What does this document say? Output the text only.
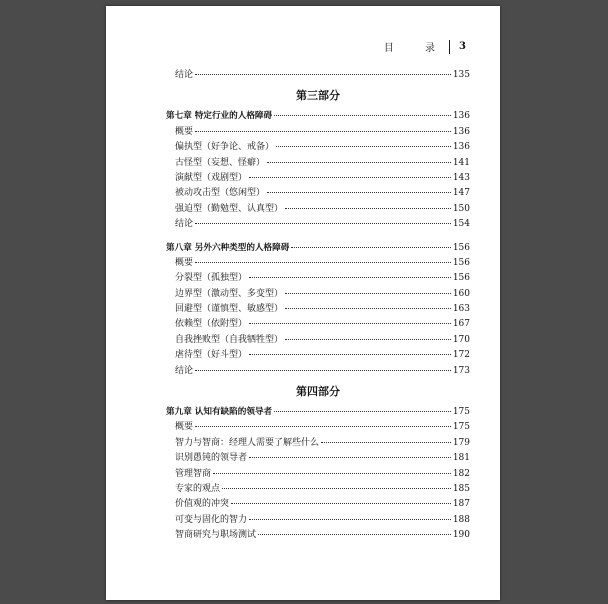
目 录 3
结论	135
第三部分
第七章 特定行业的人格障碍	136
概要	136
偏执型（好争论、戒备）	136
古怪型（妄想、怪癖）	141
演献型（戏剧型）	143
被动攻击型（悠闲型）	147
强迫型（勤勉型、认真型）	150
结论	154
第八章 另外六种类型的人格障碍	156
概要	156
分裂型（孤独型）	156
边界型（激动型、多变型）	160
回避型（谨慎型、敏感型）	163
依赖型（依附型）	167
自我挫败型（自我牺牲型）	170
虐待型（好斗型）	172
结论	173
第四部分
第九章 认知有缺陷的领导者	175
概要	175
智力与智商：经理人需要了解些什么	179
识别愚钝的领导者	181
管理智商	182
专家的观点	185
价值观的冲突	187
可变与固化的智力	188
智商研究与职场测试	190
